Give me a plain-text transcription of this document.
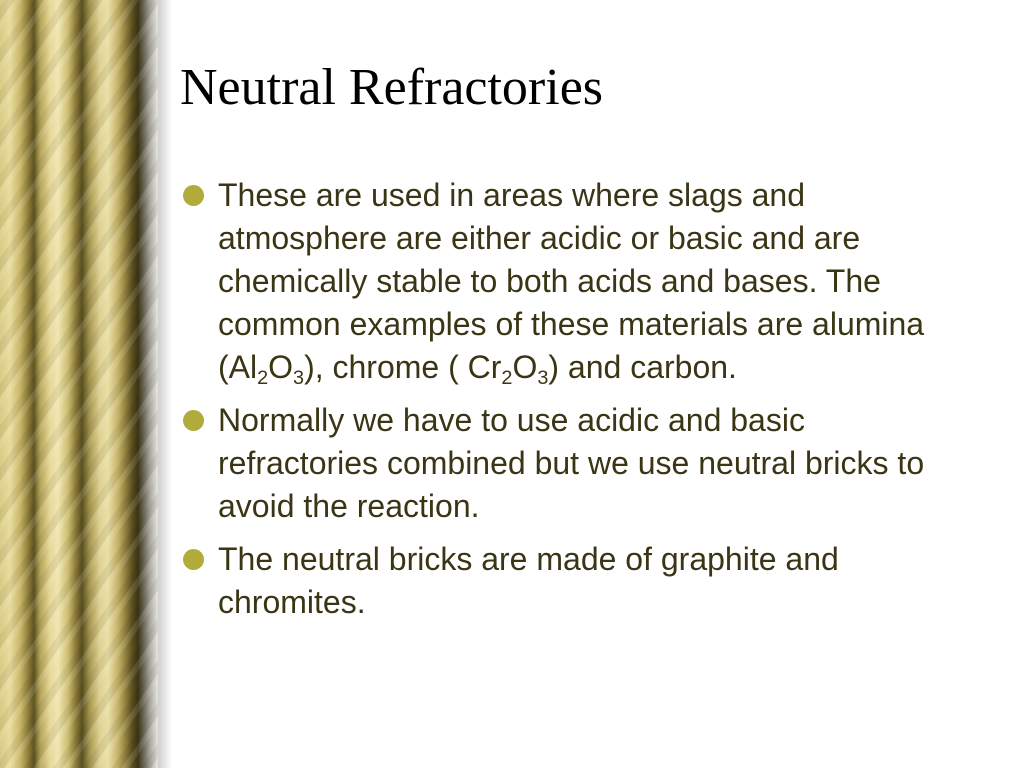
Neutral Refractories
These are used in areas where slags and atmosphere are either acidic or basic and are chemically stable to both acids and bases. The common examples of these materials are alumina $(Al_2O_3)$, chrome ( $Cr_2O_3$) and carbon.
Normally we have to use acidic and basic refractories combined but we use neutral bricks to avoid the reaction.
The neutral bricks are made of graphite and chromites.
